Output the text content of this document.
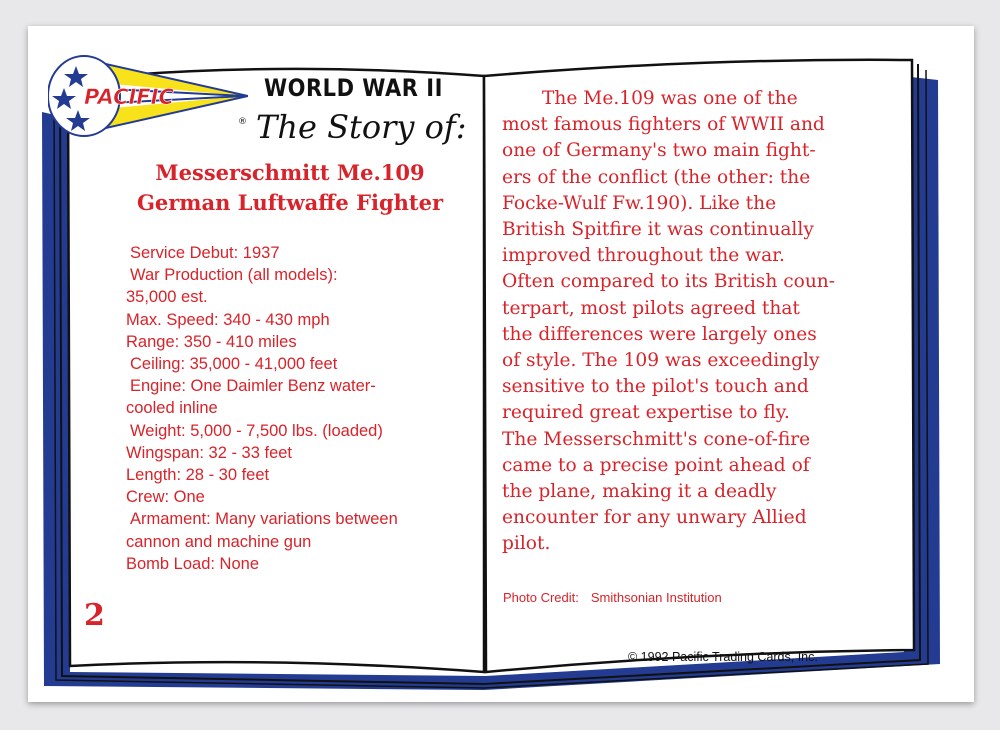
PACIFIC
®
WORLD WAR II
The Story of:
Messerschmitt Me.109
German Luftwaffe Fighter
Service Debut: 1937
War Production (all models):
35,000 est.
Max. Speed: 340 - 430 mph
Range: 350 - 410 miles
Ceiling: 35,000 - 41,000 feet
Engine: One Daimler Benz water-
cooled inline
Weight: 5,000 - 7,500 lbs. (loaded)
Wingspan: 32 - 33 feet
Length: 28 - 30 feet
Crew: One
Armament: Many variations between
cannon and machine gun
Bomb Load: None
2
The Me.109 was one of the
most famous fighters of WWII and
one of Germany's two main fight-
ers of the conflict (the other: the
Focke-Wulf Fw.190). Like the
British Spitfire it was continually
improved throughout the war.
Often compared to its British coun-
terpart, most pilots agreed that
the differences were largely ones
of style. The 109 was exceedingly
sensitive to the pilot's touch and
required great expertise to fly.
The Messerschmitt's cone-of-fire
came to a precise point ahead of
the plane, making it a deadly
encounter for any unwary Allied
pilot.
Photo Credit: Smithsonian Institution
© 1992 Pacific Trading Cards, Inc.
